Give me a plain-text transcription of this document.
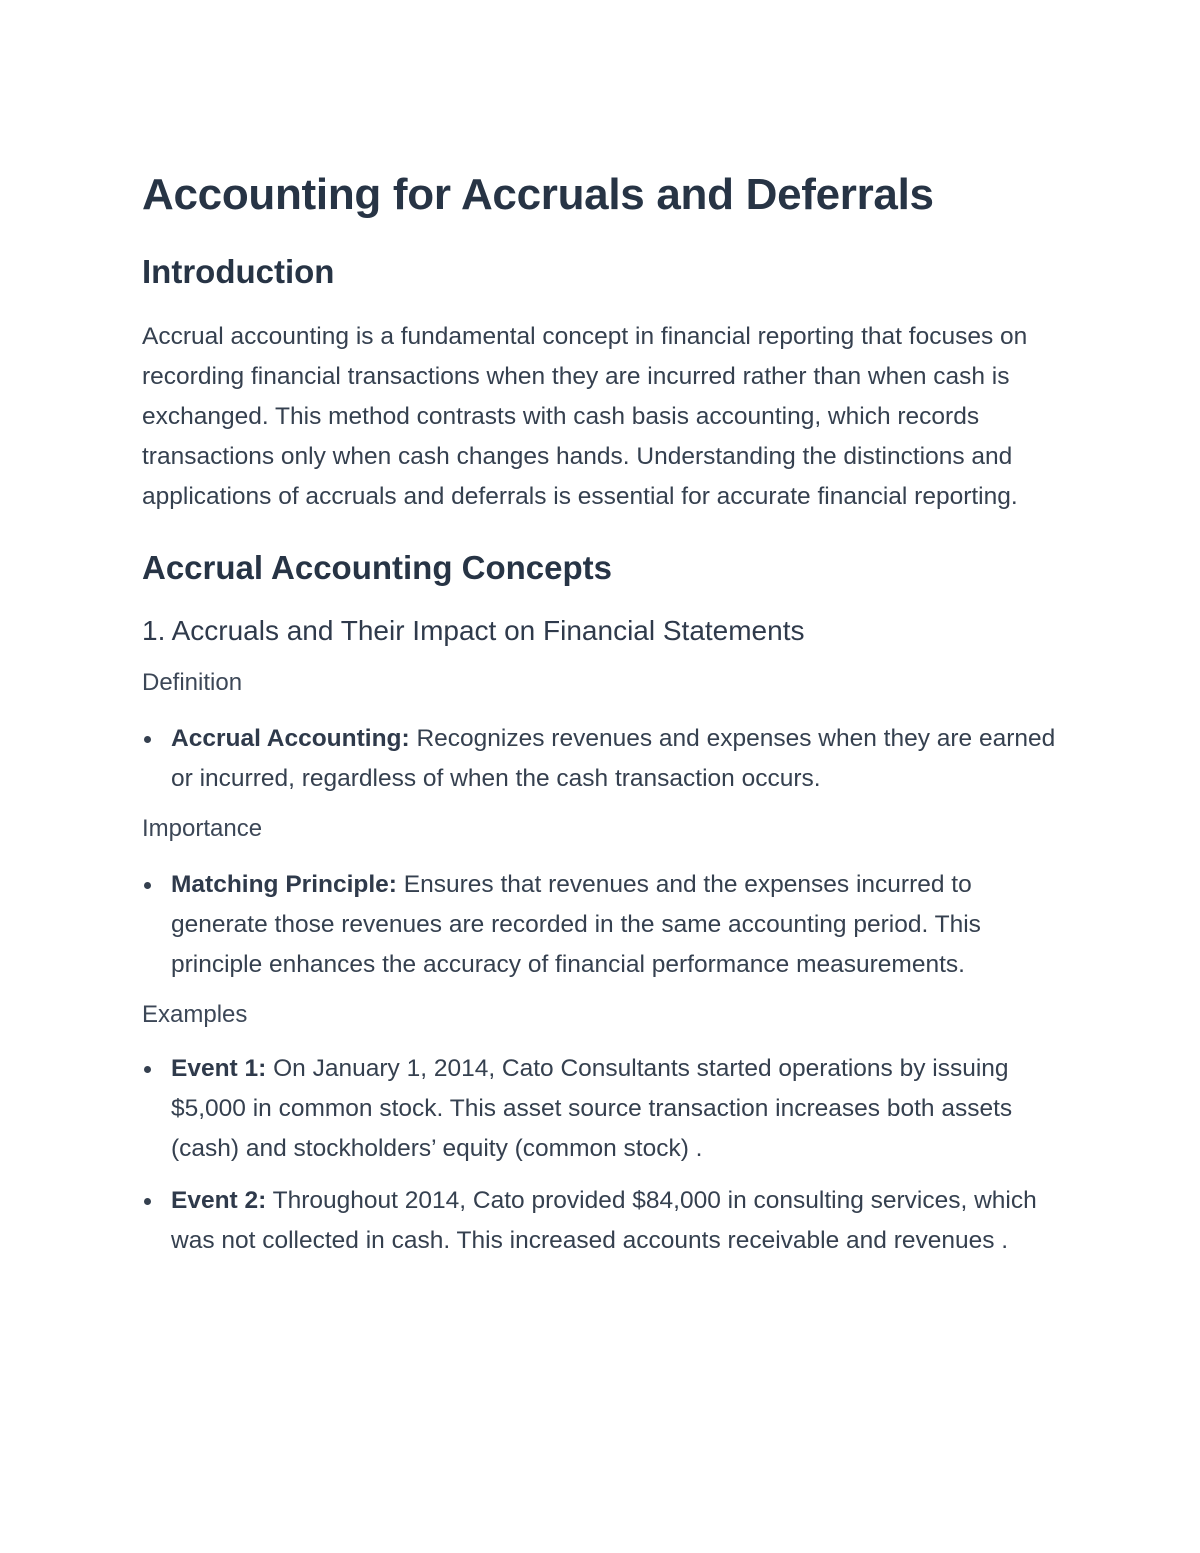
Accounting for Accruals and Deferrals
Introduction

Accrual accounting is a fundamental concept in financial reporting that focuses on recording financial transactions when they are incurred rather than when cash is exchanged. This method contrasts with cash basis accounting, which records transactions only when cash changes hands. Understanding the distinctions and applications of accruals and deferrals is essential for accurate financial reporting.

Accrual Accounting Concepts
1. Accruals and Their Impact on Financial Statements
Definition
Accrual Accounting: Recognizes revenues and expenses when they are earned or incurred, regardless of when the cash transaction occurs.
Importance
Matching Principle: Ensures that revenues and the expenses incurred to generate those revenues are recorded in the same accounting period. This principle enhances the accuracy of financial performance measurements.
Examples
Event 1: On January 1, 2014, Cato Consultants started operations by issuing $5,000 in common stock. This asset source transaction increases both assets (cash) and stockholders’ equity (common stock) .
Event 2: Throughout 2014, Cato provided $84,000 in consulting services, which was not collected in cash. This increased accounts receivable and revenues .
